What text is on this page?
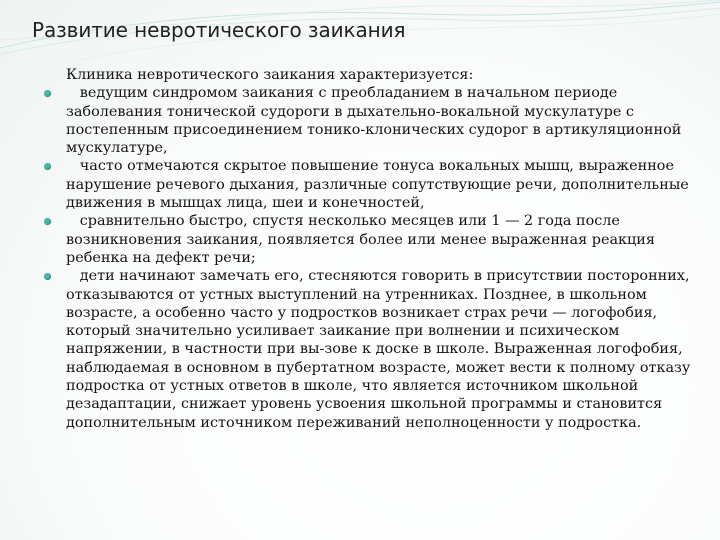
Развитие невротического заикания

Клиника невротического заикания характеризуется:

ведущим синдромом заикания с преобладанием в начальном периоде заболевания тонической судороги в дыхательно-вокальной мускулатуре с постепенным присоединением тонико-клонических судорог в артикуляционной мускулатуре,
часто отмечаются скрытое повышение тонуса вокальных мышц, выраженное нарушение речевого дыхания, различные сопутствующие речи, дополнительные движения в мышцах лица, шеи и конечностей,
сравнительно быстро, спустя несколько месяцев или 1 — 2 года после возникновения заикания, появляется более или менее выраженная реакция ребенка на дефект речи;
дети начинают замечать его, стесняются говорить в присутствии посторонних, отказываются от устных выступлений на утренниках. Позднее, в школьном возрасте, а особенно часто у подростков возникает страх речи — логофобия, который значительно усиливает заикание при волнении и психическом напряжении, в частности при вы-зове к доске в школе. Выраженная логофобия, наблюдаемая в основном в пубертатном возрасте, может вести к полному отказу подростка от устных ответов в школе, что является источником школьной дезадаптации, снижает уровень усвоения школьной программы и становится дополнительным источником переживаний неполноценности у подростка.
